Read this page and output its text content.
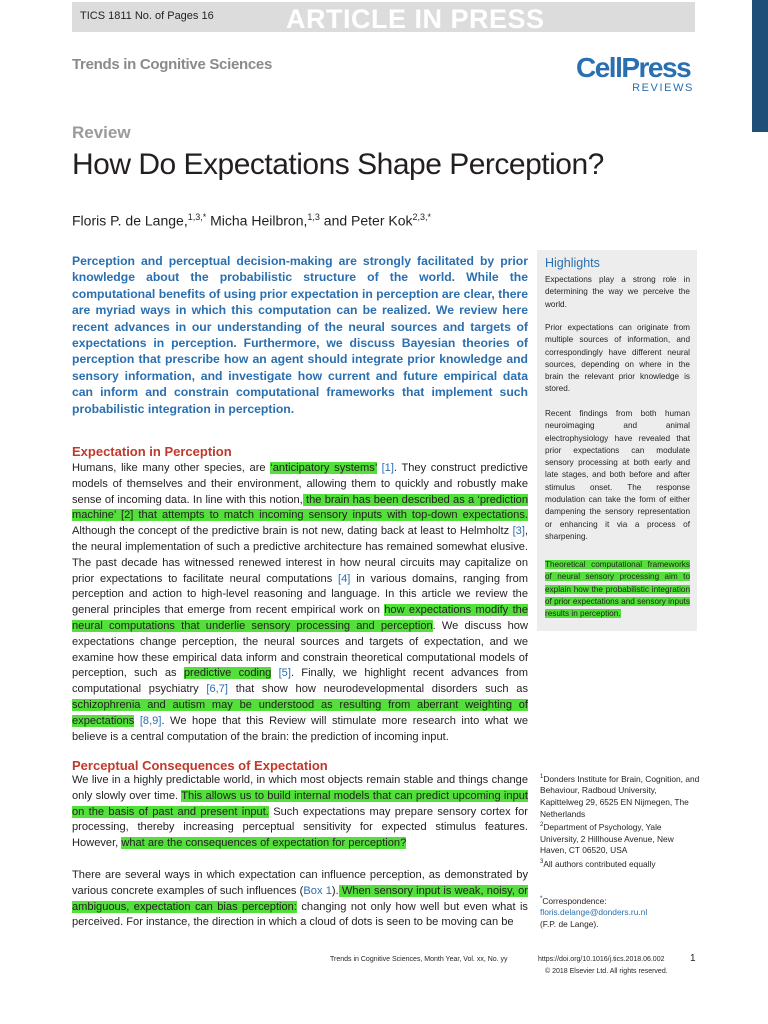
TICS 1811 No. of Pages 16	ARTICLE IN PRESS
Trends in Cognitive Sciences	CellPress
REVIEWS
Review
How Do Expectations Shape Perception?
Floris P. de Lange,$^{1,3,*}$ Micha Heilbron,$^{1,3}$ and Peter Kok$^{2,3,*}$
Perception and perceptual decision-making are strongly facilitated by prior knowledge about the probabilistic structure of the world. While the computational benefits of using prior expectation in perception are clear, there are myriad ways in which this computation can be realized. We review here recent advances in our understanding of the neural sources and targets of expectations in perception. Furthermore, we discuss Bayesian theories of perception that prescribe how an agent should integrate prior knowledge and sensory information, and investigate how current and future empirical data can inform and constrain computational frameworks that implement such probabilistic integration in perception.
Expectation in Perception
Humans, like many other species, are ‘anticipatory systems’ [1]. They construct predictive models of themselves and their environment, allowing them to quickly and robustly make sense of incoming data. In line with this notion, the brain has been described as a ‘prediction machine’ [2] that attempts to match incoming sensory inputs with top-down expectations. Although the concept of the predictive brain is not new, dating back at least to Helmholtz [3], the neural implementation of such a predictive architecture has remained somewhat elusive. The past decade has witnessed renewed interest in how neural circuits may capitalize on prior expectations to facilitate neural computations [4] in various domains, ranging from perception and action to high-level reasoning and language. In this article we review the general principles that emerge from recent empirical work on how expectations modify the neural computations that underlie sensory processing and perception. We discuss how expectations change perception, the neural sources and targets of expectation, and we examine how these empirical data inform and constrain theoretical computational models of perception, such as predictive coding [5]. Finally, we highlight recent advances from computational psychiatry [6,7] that show how neurodevelopmental disorders such as schizophrenia and autism may be understood as resulting from aberrant weighting of expectations [8,9]. We hope that this Review will stimulate more research into what we believe is a central computation of the brain: the prediction of incoming input.
Perceptual Consequences of Expectation
We live in a highly predictable world, in which most objects remain stable and things change only slowly over time. This allows us to build internal models that can predict upcoming input on the basis of past and present input. Such expectations may prepare sensory cortex for processing, thereby increasing perceptual sensitivity for expected stimulus features. However, what are the consequences of expectation for perception?
There are several ways in which expectation can influence perception, as demonstrated by various concrete examples of such influences (Box 1). When sensory input is weak, noisy, or ambiguous, expectation can bias perception: changing not only how well but even what is perceived. For instance, the direction in which a cloud of dots is seen to be moving can be
Highlights
Expectations play a strong role in determining the way we perceive the world.
Prior expectations can originate from multiple sources of information, and correspondingly have different neural sources, depending on where in the brain the relevant prior knowledge is stored.
Recent findings from both human neuroimaging and animal electrophysiology have revealed that prior expectations can modulate sensory processing at both early and late stages, and both before and after stimulus onset. The response modulation can take the form of either dampening the sensory representation or enhancing it via a process of sharpening.
Theoretical computational frameworks of neural sensory processing aim to explain how the probabilistic integration of prior expectations and sensory inputs results in perception.
$^1$Donders Institute for Brain, Cognition, and Behaviour, Radboud University, Kapittelweg 29, 6525 EN Nijmegen, The Netherlands
$^2$Department of Psychology, Yale University, 2 Hillhouse Avenue, New Haven, CT 06520, USA
$^3$All authors contributed equally
*Correspondence:
floris.delange@donders.ru.nl
(F.P. de Lange).
Trends in Cognitive Sciences, Month Year, Vol. xx, No. yy	https://doi.org/10.1016/j.tics.2018.06.002
© 2018 Elsevier Ltd. All rights reserved.
1
